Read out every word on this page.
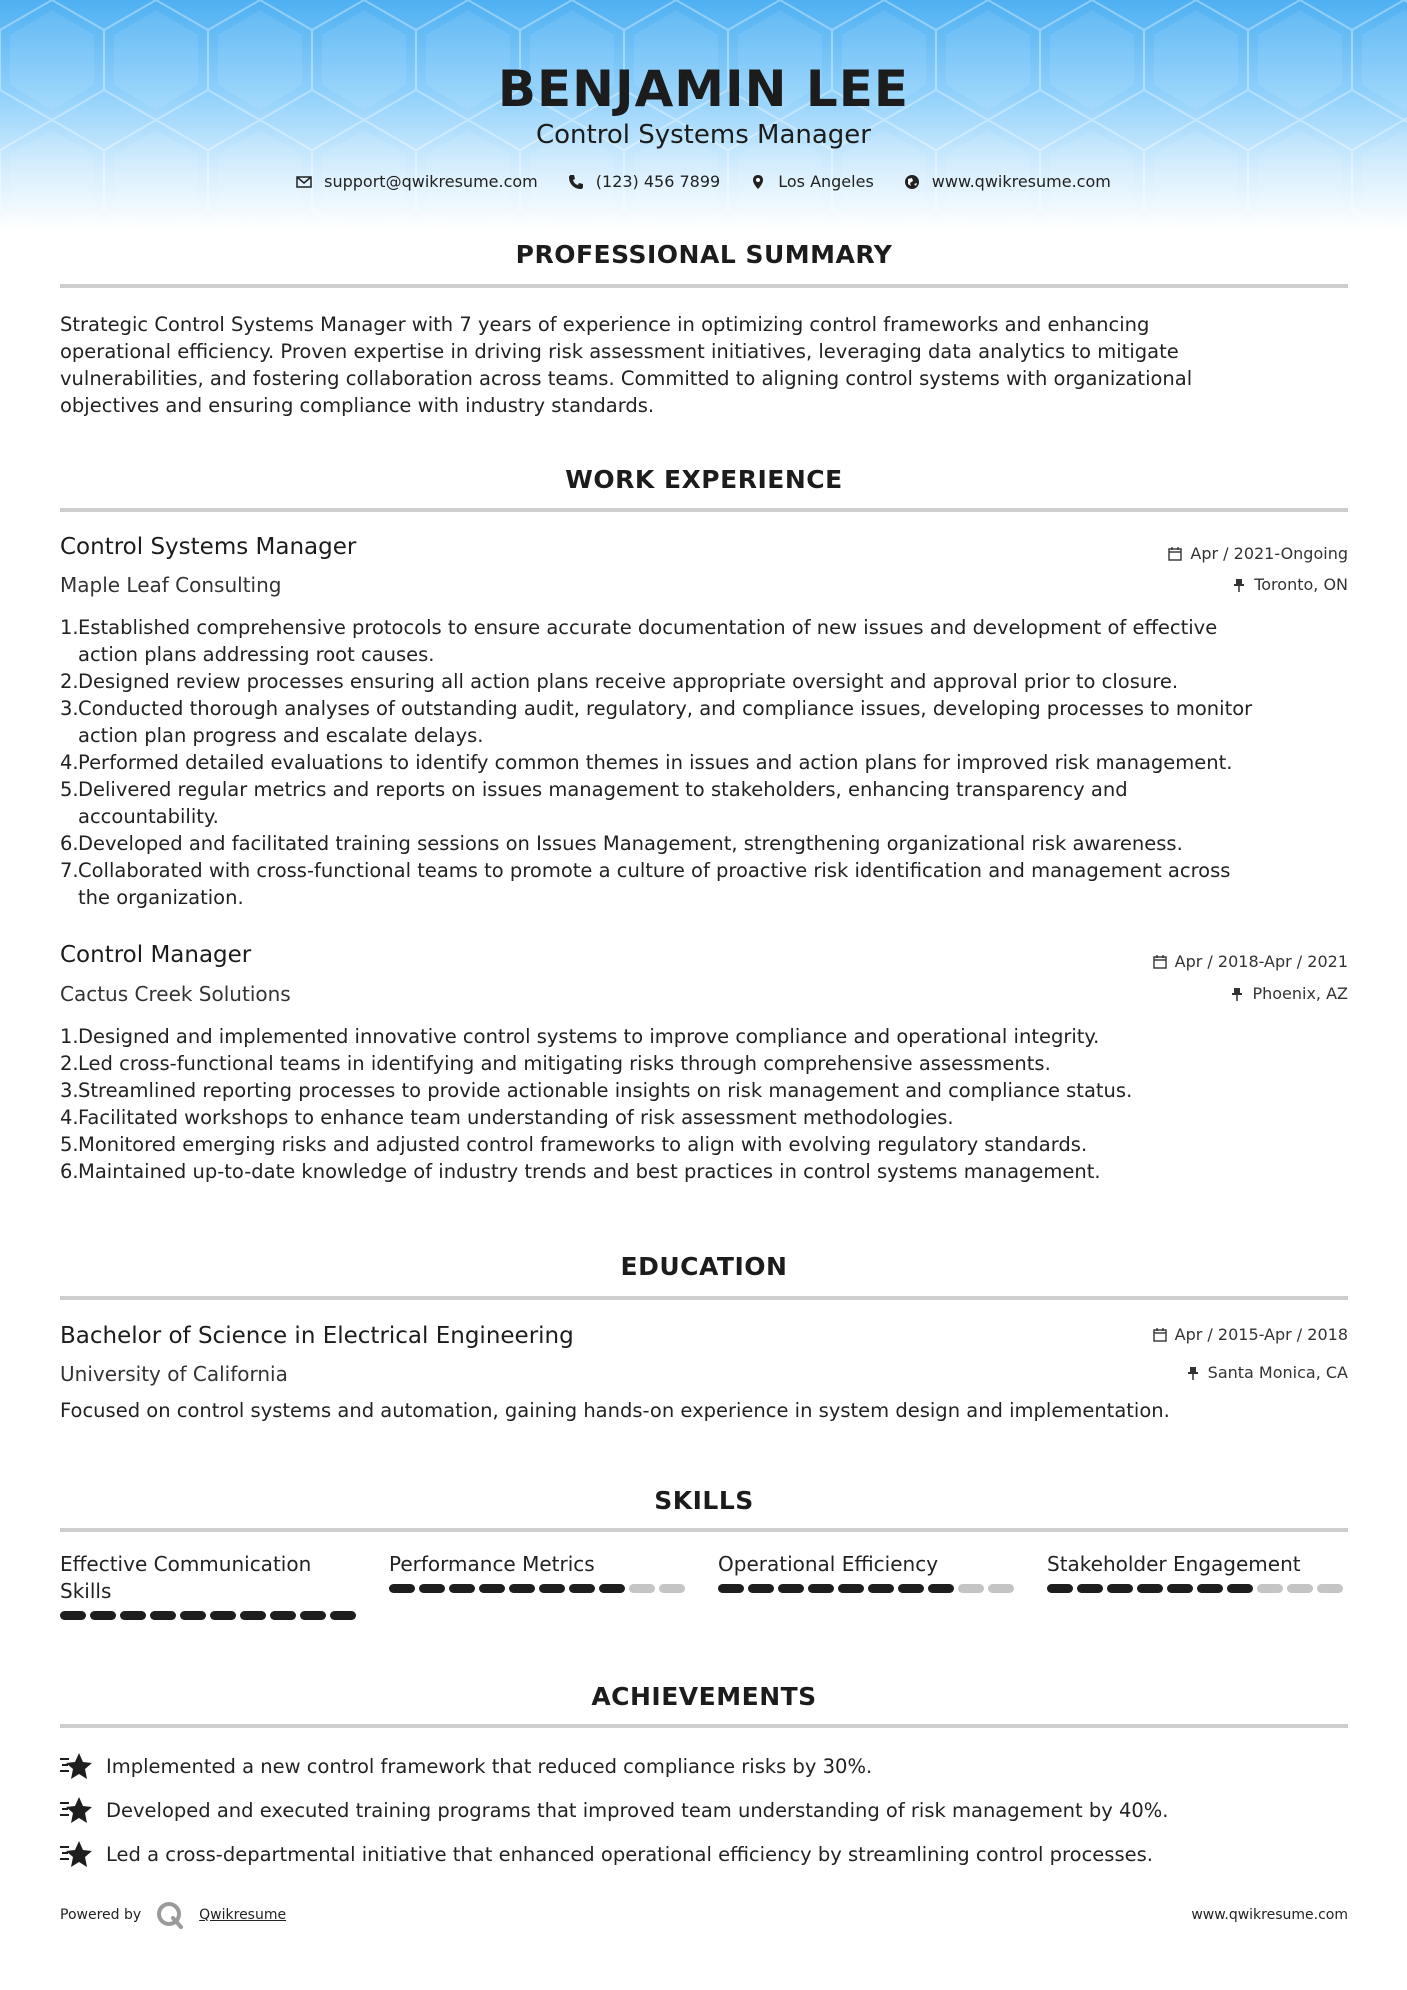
BENJAMIN LEE
Control Systems Manager
support@qwikresume.com	(123) 456 7899	Los Angeles	www.qwikresume.com
PROFESSIONAL SUMMARY
Strategic Control Systems Manager with 7 years of experience in optimizing control frameworks and enhancing
operational efficiency. Proven expertise in driving risk assessment initiatives, leveraging data analytics to mitigate
vulnerabilities, and fostering collaboration across teams. Committed to aligning control systems with organizational
objectives and ensuring compliance with industry standards.
WORK EXPERIENCE
Control Systems Manager	Apr / 2021-Ongoing
Maple Leaf Consulting	Toronto, ON
1. Established comprehensive protocols to ensure accurate documentation of new issues and development of effective
action plans addressing root causes.
2. Designed review processes ensuring all action plans receive appropriate oversight and approval prior to closure.
3. Conducted thorough analyses of outstanding audit, regulatory, and compliance issues, developing processes to monitor
action plan progress and escalate delays.
4. Performed detailed evaluations to identify common themes in issues and action plans for improved risk management.
5. Delivered regular metrics and reports on issues management to stakeholders, enhancing transparency and
accountability.
6. Developed and facilitated training sessions on Issues Management, strengthening organizational risk awareness.
7. Collaborated with cross-functional teams to promote a culture of proactive risk identification and management across
the organization.
Control Manager	Apr / 2018-Apr / 2021
Cactus Creek Solutions	Phoenix, AZ
1. Designed and implemented innovative control systems to improve compliance and operational integrity.
2. Led cross-functional teams in identifying and mitigating risks through comprehensive assessments.
3. Streamlined reporting processes to provide actionable insights on risk management and compliance status.
4. Facilitated workshops to enhance team understanding of risk assessment methodologies.
5. Monitored emerging risks and adjusted control frameworks to align with evolving regulatory standards.
6. Maintained up-to-date knowledge of industry trends and best practices in control systems management.
EDUCATION
Bachelor of Science in Electrical Engineering	Apr / 2015-Apr / 2018
University of California	Santa Monica, CA
Focused on control systems and automation, gaining hands-on experience in system design and implementation.
SKILLS
Effective Communication
Skills
Performance Metrics	Operational Efficiency	Stakeholder Engagement
ACHIEVEMENTS
Implemented a new control framework that reduced compliance risks by 30%.
Developed and executed training programs that improved team understanding of risk management by 40%.
Led a cross-departmental initiative that enhanced operational efficiency by streamlining control processes.
Powered by	Qwikresume	www.qwikresume.com
